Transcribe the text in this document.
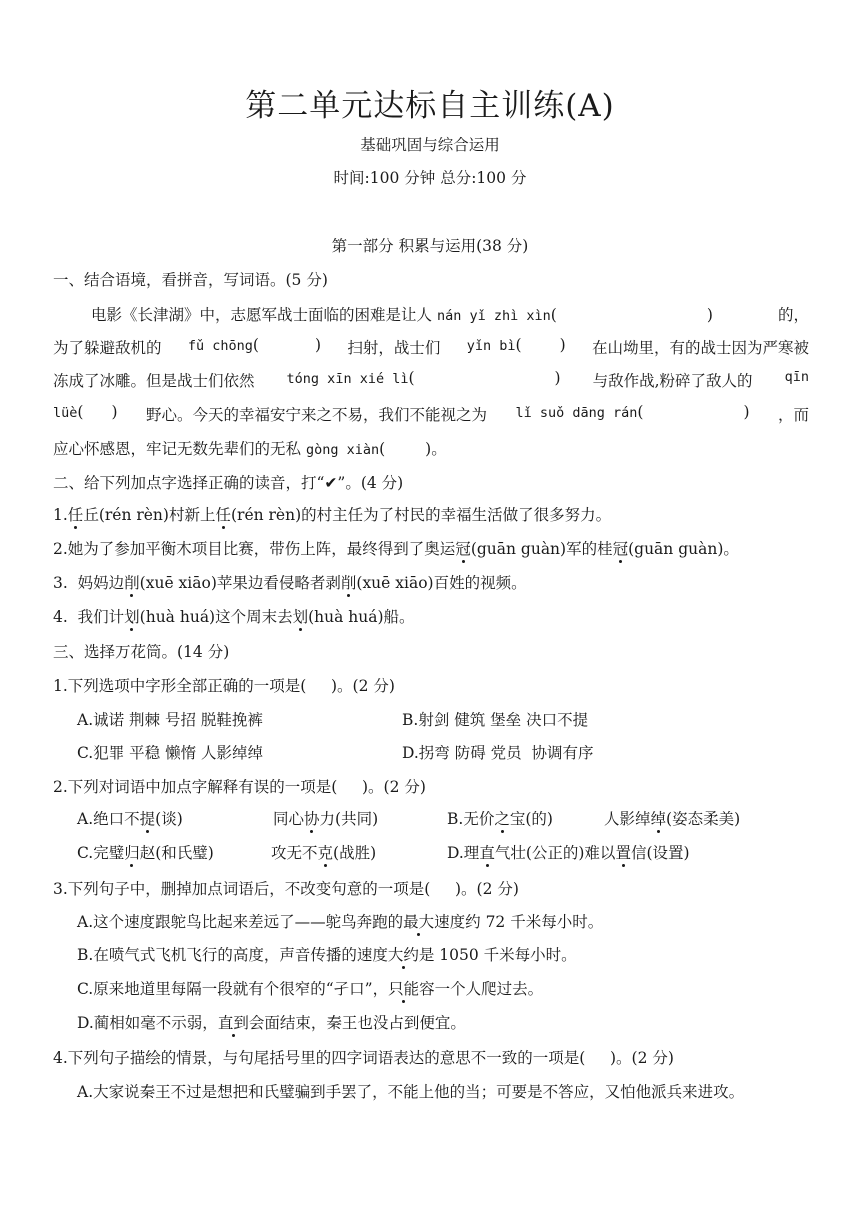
第二单元达标自主训练(A)
基础巩固与综合运用
时间:100 分钟 总分:100 分
第一部分 积累与运用(38 分)
一、结合语境，看拼音，写词语。(5 分)
电影《长津湖》中，志愿军战士面临的困难是让人 nán yǐ zhì xìn(	)	的，
为了躲避敌机的 fǔ chōng(	) 扫射，战士们 yǐn bì( ) 在山坳里，有的战士因为严寒被
冻成了冰雕。但是战士们依然 tóng xīn xié lì(	) 与敌作战,粉碎了敌人的 qīn
lüè( ) 野心。今天的幸福安宁来之不易，我们不能视之为 lǐ suǒ dāng rán(	) ，而
应心怀感恩，牢记无数先辈们的无私 gòng xiàn(	)。
二、给下列加点字选择正确的读音，打“✔”。(4 分)
1.任丘(rén rèn)村新上任(rén rèn)的村主任为了村民的幸福生活做了很多努力。
2.她为了参加平衡木项目比赛，带伤上阵，最终得到了奥运冠(guān guàn)军的桂冠(guān guàn)。
3.  妈妈边削(xuē xiāo)苹果边看侵略者剥削(xuē xiāo)百姓的视频。
4.  我们计划(huà huá)这个周末去划(huà huá)船。
三、选择万花筒。(14 分)
1.下列选项中字形全部正确的一项是(     )。(2 分)
A.诚诺 荆棘 号招 脱鞋挽裤	B.射剑 健筑 堡垒 决口不提
C.犯罪 平稳 懒惰 人影绰绰	D.拐弯 防碍 党员  协调有序
2.下列对词语中加点字解释有误的一项是(     )。(2 分)
A.绝口不提(谈)	同心协力(共同)	B.无价之宝(的)	人影绰绰(姿态柔美)
C.完璧归赵(和氏璧)	攻无不克(战胜)	D.理直气壮(公正的)难以置信(设置)
3.下列句子中，删掉加点词语后，不改变句意的一项是(     )。(2 分)
A.这个速度跟鸵鸟比起来差远了——鸵鸟奔跑的最大速度约 72 千米每小时。
B.在喷气式飞机飞行的高度，声音传播的速度大约是 1050 千米每小时。
C.原来地道里每隔一段就有个很窄的“孑口”，只能容一个人爬过去。
D.蔺相如毫不示弱，直到会面结束，秦王也没占到便宜。
4.下列句子描绘的情景，与句尾括号里的四字词语表达的意思不一致的一项是(     )。(2 分)
A.大家说秦王不过是想把和氏璧骗到手罢了，不能上他的当；可要是不答应，又怕他派兵来进攻。
